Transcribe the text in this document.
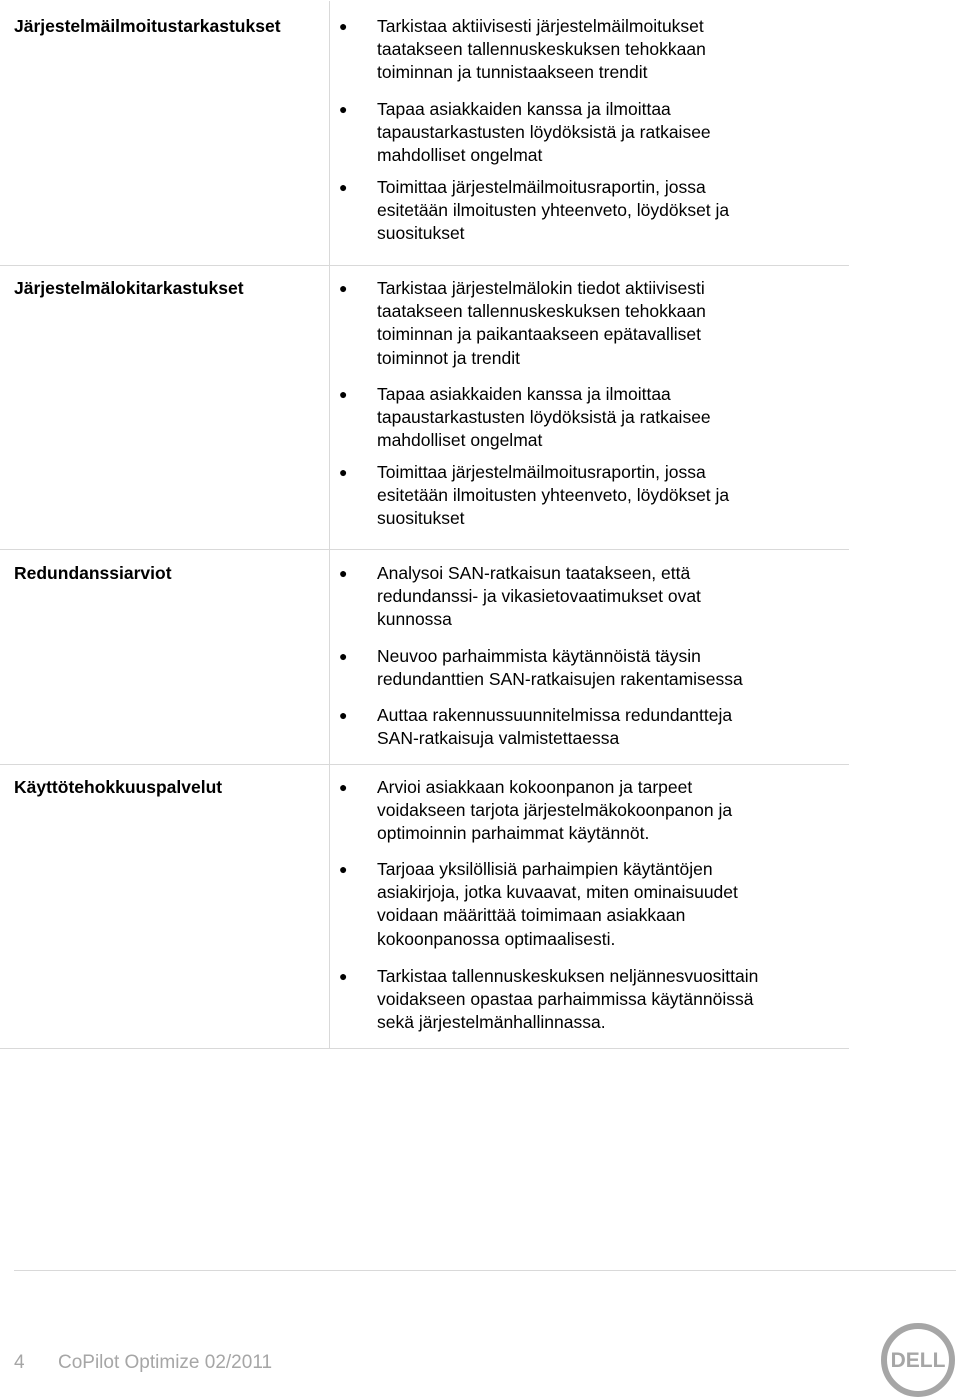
Järjestelmäilmoitustarkastukset	● Tarkistaa aktiivisesti järjestelmäilmoitukset
taatakseen tallennuskeskuksen tehokkaan
toiminnan ja tunnistaakseen trendit
● Tapaa asiakkaiden kanssa ja ilmoittaa
tapaustarkastusten löydöksistä ja ratkaisee
mahdolliset ongelmat
● Toimittaa järjestelmäilmoitusraportin, jossa
esitetään ilmoitusten yhteenveto, löydökset ja
suositukset
Järjestelmälokitarkastukset	● Tarkistaa järjestelmälokin tiedot aktiivisesti
taatakseen tallennuskeskuksen tehokkaan
toiminnan ja paikantaakseen epätavalliset
toiminnot ja trendit
● Tapaa asiakkaiden kanssa ja ilmoittaa
tapaustarkastusten löydöksistä ja ratkaisee
mahdolliset ongelmat
● Toimittaa järjestelmäilmoitusraportin, jossa
esitetään ilmoitusten yhteenveto, löydökset ja
suositukset
Redundanssiarviot	● Analysoi SAN-ratkaisun taatakseen, että
redundanssi- ja vikasietovaatimukset ovat
kunnossa
● Neuvoo parhaimmista käytännöistä täysin
redundanttien SAN-ratkaisujen rakentamisessa
● Auttaa rakennussuunnitelmissa redundantteja
SAN-ratkaisuja valmistettaessa
Käyttötehokkuuspalvelut	● Arvioi asiakkaan kokoonpanon ja tarpeet
voidakseen tarjota järjestelmäkokoonpanon ja
optimoinnin parhaimmat käytännöt.
● Tarjoaa yksilöllisiä parhaimpien käytäntöjen
asiakirjoja, jotka kuvaavat, miten ominaisuudet
voidaan määrittää toimimaan asiakkaan
kokoonpanossa optimaalisesti.
● Tarkistaa tallennuskeskuksen neljännesvuosittain
voidakseen opastaa parhaimmissa käytännöissä
sekä järjestelmänhallinnassa.
4 CoPilot Optimize 02/2011	DELL
